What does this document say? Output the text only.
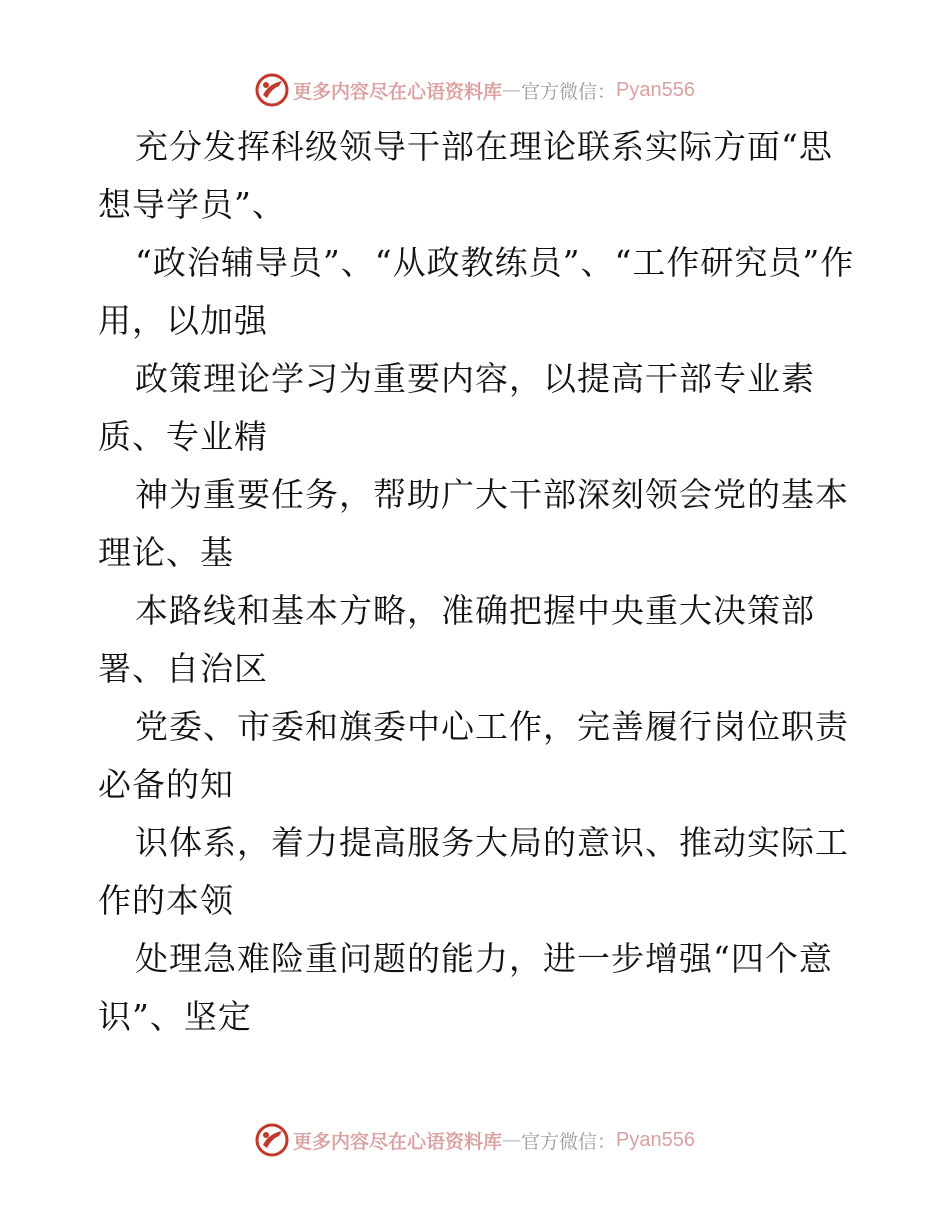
更多内容尽在心语资料库 — 官方微信： Pyan556

充分发挥科级领导干部在理论联系实际方面“思想导学员”、

“政治辅导员”、“从政教练员”、“工作研究员”作用，以加强

政策理论学习为重要内容，以提高干部专业素质、专业精

神为重要任务，帮助广大干部深刻领会党的基本理论、基

本路线和基本方略，准确把握中央重大决策部署、自治区

党委、市委和旗委中心工作，完善履行岗位职责必备的知

识体系，着力提高服务大局的意识、推动实际工作的本领

处理急难险重问题的能力，进一步增强“四个意识”、坚定

更多内容尽在心语资料库 — 官方微信： Pyan556
